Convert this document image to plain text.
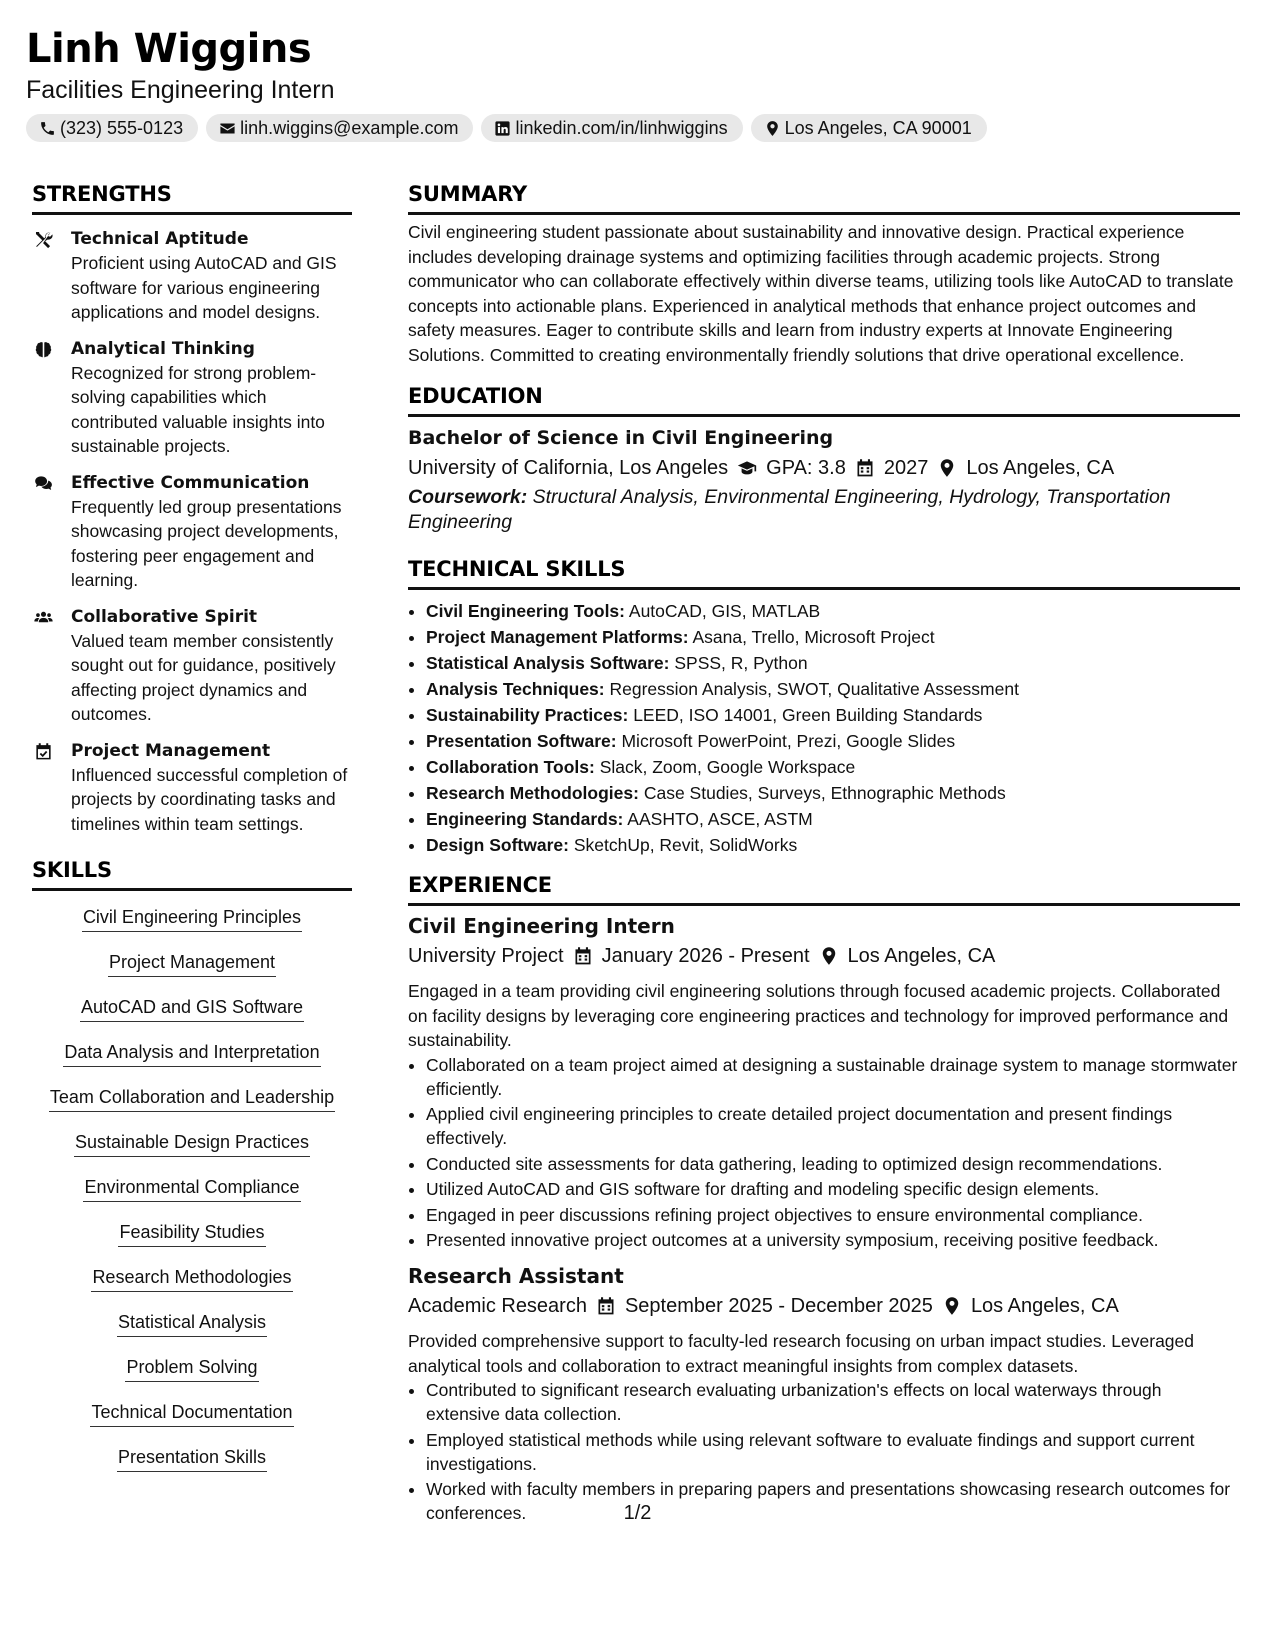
Linh Wiggins
Facilities Engineering Intern
(323) 555-0123	linh.wiggins@example.com	linkedin.com/in/linhwiggins	Los Angeles, CA 90001
STRENGTHS
Technical Aptitude
Proficient using AutoCAD and GIS software for various engineering applications and model designs.
Analytical Thinking
Recognized for strong problem-solving capabilities which contributed valuable insights into sustainable projects.
Effective Communication
Frequently led group presentations showcasing project developments, fostering peer engagement and learning.
Collaborative Spirit
Valued team member consistently sought out for guidance, positively affecting project dynamics and outcomes.
Project Management
Influenced successful completion of projects by coordinating tasks and timelines within team settings.
SKILLS
Civil Engineering Principles
Project Management
AutoCAD and GIS Software
Data Analysis and Interpretation
Team Collaboration and Leadership
Sustainable Design Practices
Environmental Compliance
Feasibility Studies
Research Methodologies
Statistical Analysis
Problem Solving
Technical Documentation
Presentation Skills
SUMMARY
Civil engineering student passionate about sustainability and innovative design. Practical experience includes developing drainage systems and optimizing facilities through academic projects. Strong communicator who can collaborate effectively within diverse teams, utilizing tools like AutoCAD to translate concepts into actionable plans. Experienced in analytical methods that enhance project outcomes and safety measures. Eager to contribute skills and learn from industry experts at Innovate Engineering Solutions. Committed to creating environmentally friendly solutions that drive operational excellence.
EDUCATION
Bachelor of Science in Civil Engineering
University of California, Los Angeles GPA: 3.8 2027 Los Angeles, CA
Coursework: Structural Analysis, Environmental Engineering, Hydrology, Transportation Engineering
TECHNICAL SKILLS
• Civil Engineering Tools: AutoCAD, GIS, MATLAB
• Project Management Platforms: Asana, Trello, Microsoft Project
• Statistical Analysis Software: SPSS, R, Python
• Analysis Techniques: Regression Analysis, SWOT, Qualitative Assessment
• Sustainability Practices: LEED, ISO 14001, Green Building Standards
• Presentation Software: Microsoft PowerPoint, Prezi, Google Slides
• Collaboration Tools: Slack, Zoom, Google Workspace
• Research Methodologies: Case Studies, Surveys, Ethnographic Methods
• Engineering Standards: AASHTO, ASCE, ASTM
• Design Software: SketchUp, Revit, SolidWorks
EXPERIENCE
Civil Engineering Intern
University Project January 2026 - Present Los Angeles, CA
Engaged in a team providing civil engineering solutions through focused academic projects. Collaborated on facility designs by leveraging core engineering practices and technology for improved performance and sustainability.
• Collaborated on a team project aimed at designing a sustainable drainage system to manage stormwater efficiently.
• Applied civil engineering principles to create detailed project documentation and present findings effectively.
• Conducted site assessments for data gathering, leading to optimized design recommendations.
• Utilized AutoCAD and GIS software for drafting and modeling specific design elements.
• Engaged in peer discussions refining project objectives to ensure environmental compliance.
• Presented innovative project outcomes at a university symposium, receiving positive feedback.
Research Assistant
Academic Research September 2025 - December 2025 Los Angeles, CA
Provided comprehensive support to faculty-led research focusing on urban impact studies. Leveraged analytical tools and collaboration to extract meaningful insights from complex datasets.
• Contributed to significant research evaluating urbanization's effects on local waterways through extensive data collection.
• Employed statistical methods while using relevant software to evaluate findings and support current investigations.
• Worked with faculty members in preparing papers and presentations showcasing research outcomes for conferences.	1/2
